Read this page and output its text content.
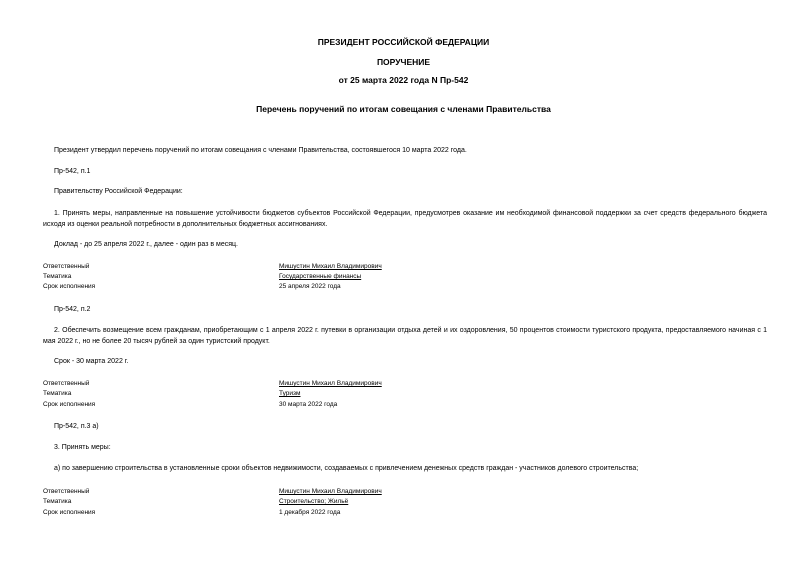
ПРЕЗИДЕНТ РОССИЙСКОЙ ФЕДЕРАЦИИ
ПОРУЧЕНИЕ
от 25 марта 2022 года N Пр-542
Перечень поручений по итогам совещания с членами Правительства
Президент утвердил перечень поручений по итогам совещания с членами Правительства, состоявшегося 10 марта 2022 года.
Пр-542, п.1
Правительству Российской Федерации:
1. Принять меры, направленные на повышение устойчивости бюджетов субъектов Российской Федерации, предусмотрев оказание им необходимой финансовой поддержки за счет средств федерального бюджета исходя из оценки реальной потребности в дополнительных бюджетных ассигнованиях.
Доклад - до 25 апреля 2022 г., далее - один раз в месяц.
Ответственный	Мишустин Михаил Владимирович
Тематика	Государственные финансы
Срок исполнения	25 апреля 2022 года
Пр-542, п.2
2. Обеспечить возмещение всем гражданам, приобретающим с 1 апреля 2022 г. путевки в организации отдыха детей и их оздоровления, 50 процентов стоимости туристского продукта, предоставляемого начиная с 1 мая 2022 г., но не более 20 тысяч рублей за один туристский продукт.
Срок - 30 марта 2022 г.
Ответственный	Мишустин Михаил Владимирович
Тематика	Туризм
Срок исполнения	30 марта 2022 года
Пр-542, п.3 а)
3. Принять меры:
а) по завершению строительства в установленные сроки объектов недвижимости, создаваемых с привлечением денежных средств граждан - участников долевого строительства;
Ответственный	Мишустин Михаил Владимирович
Тематика	Строительство; Жильё
Срок исполнения	1 декабря 2022 года
